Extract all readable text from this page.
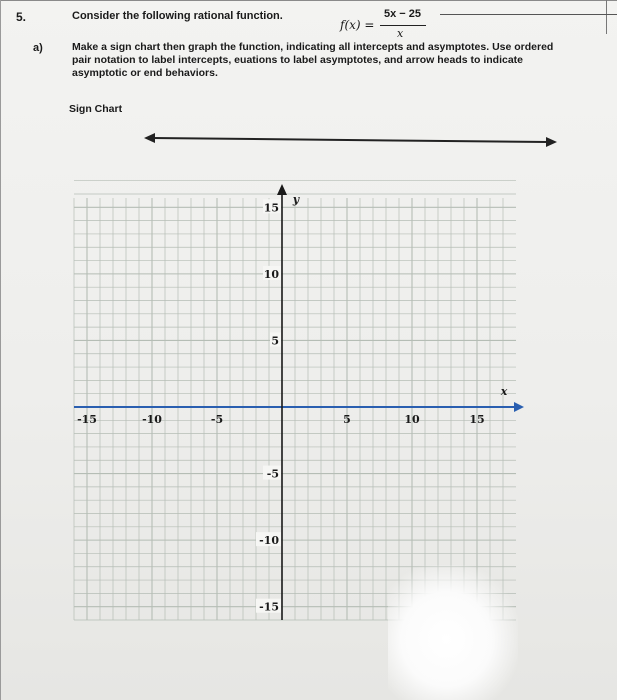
5.	Consider the following rational function.
f(x) =
5x − 25
x
a)	Make a sign chart then graph the function, indicating all intercepts and asymptotes. Use ordered
pair notation to label intercepts, euations to label asymptotes, and arrow heads to indicate
asymptotic or end behaviors.
Sign Chart
x
y
-15	-10	-5	5	10	15
15
10
5
-5
-10
-15
